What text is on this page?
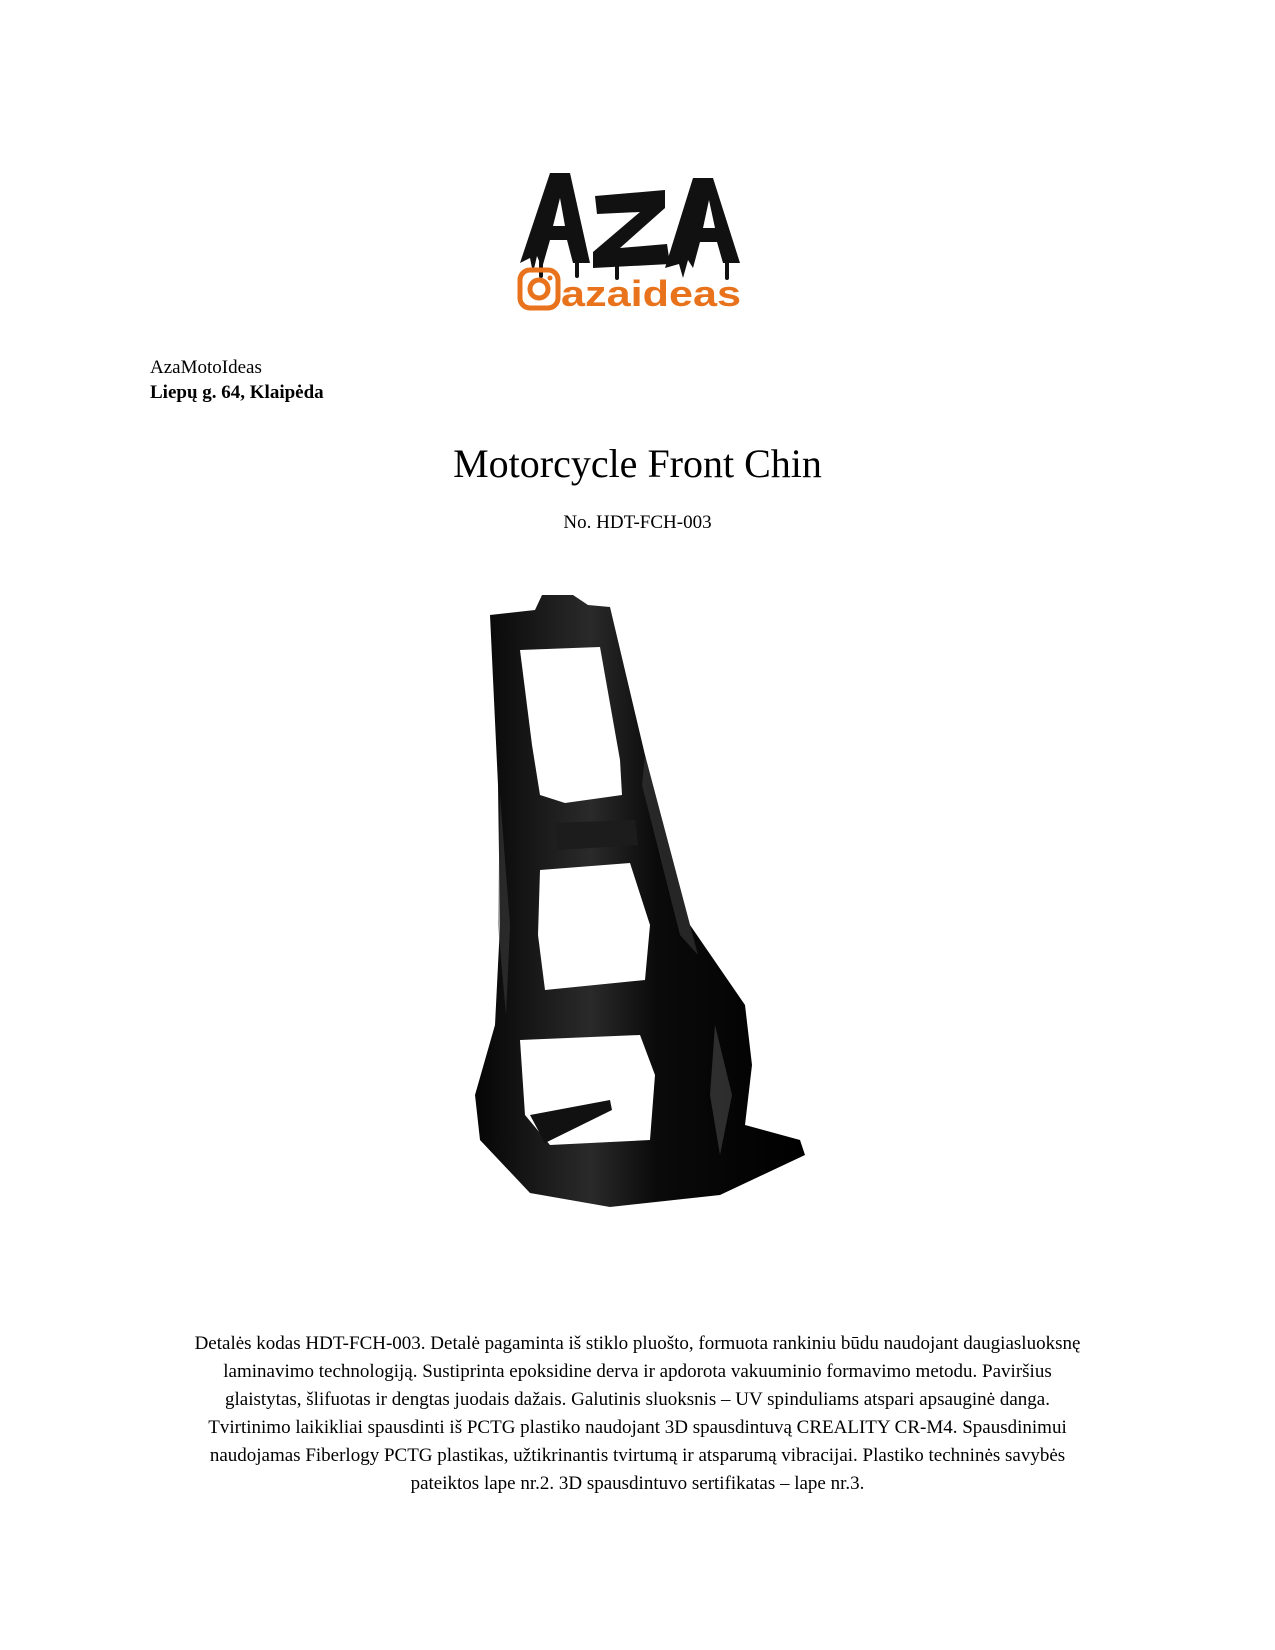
azaideas
AzaMotoIdeas
Liepų g. 64, Klaipėda
Motorcycle Front Chin
No. HDT-FCH-003
Detalės kodas HDT-FCH-003. Detalė pagaminta iš stiklo pluošto, formuota rankiniu būdu naudojant daugiasluoksnę
laminavimo technologiją. Sustiprinta epoksidine derva ir apdorota vakuuminio formavimo metodu. Paviršius
glaistytas, šlifuotas ir dengtas juodais dažais. Galutinis sluoksnis – UV spinduliams atspari apsauginė danga.
Tvirtinimo laikikliai spausdinti iš PCTG plastiko naudojant 3D spausdintuvą CREALITY CR-M4. Spausdinimui
naudojamas Fiberlogy PCTG plastikas, užtikrinantis tvirtumą ir atsparumą vibracijai. Plastiko techninės savybės
pateiktos lape nr.2. 3D spausdintuvo sertifikatas – lape nr.3.
